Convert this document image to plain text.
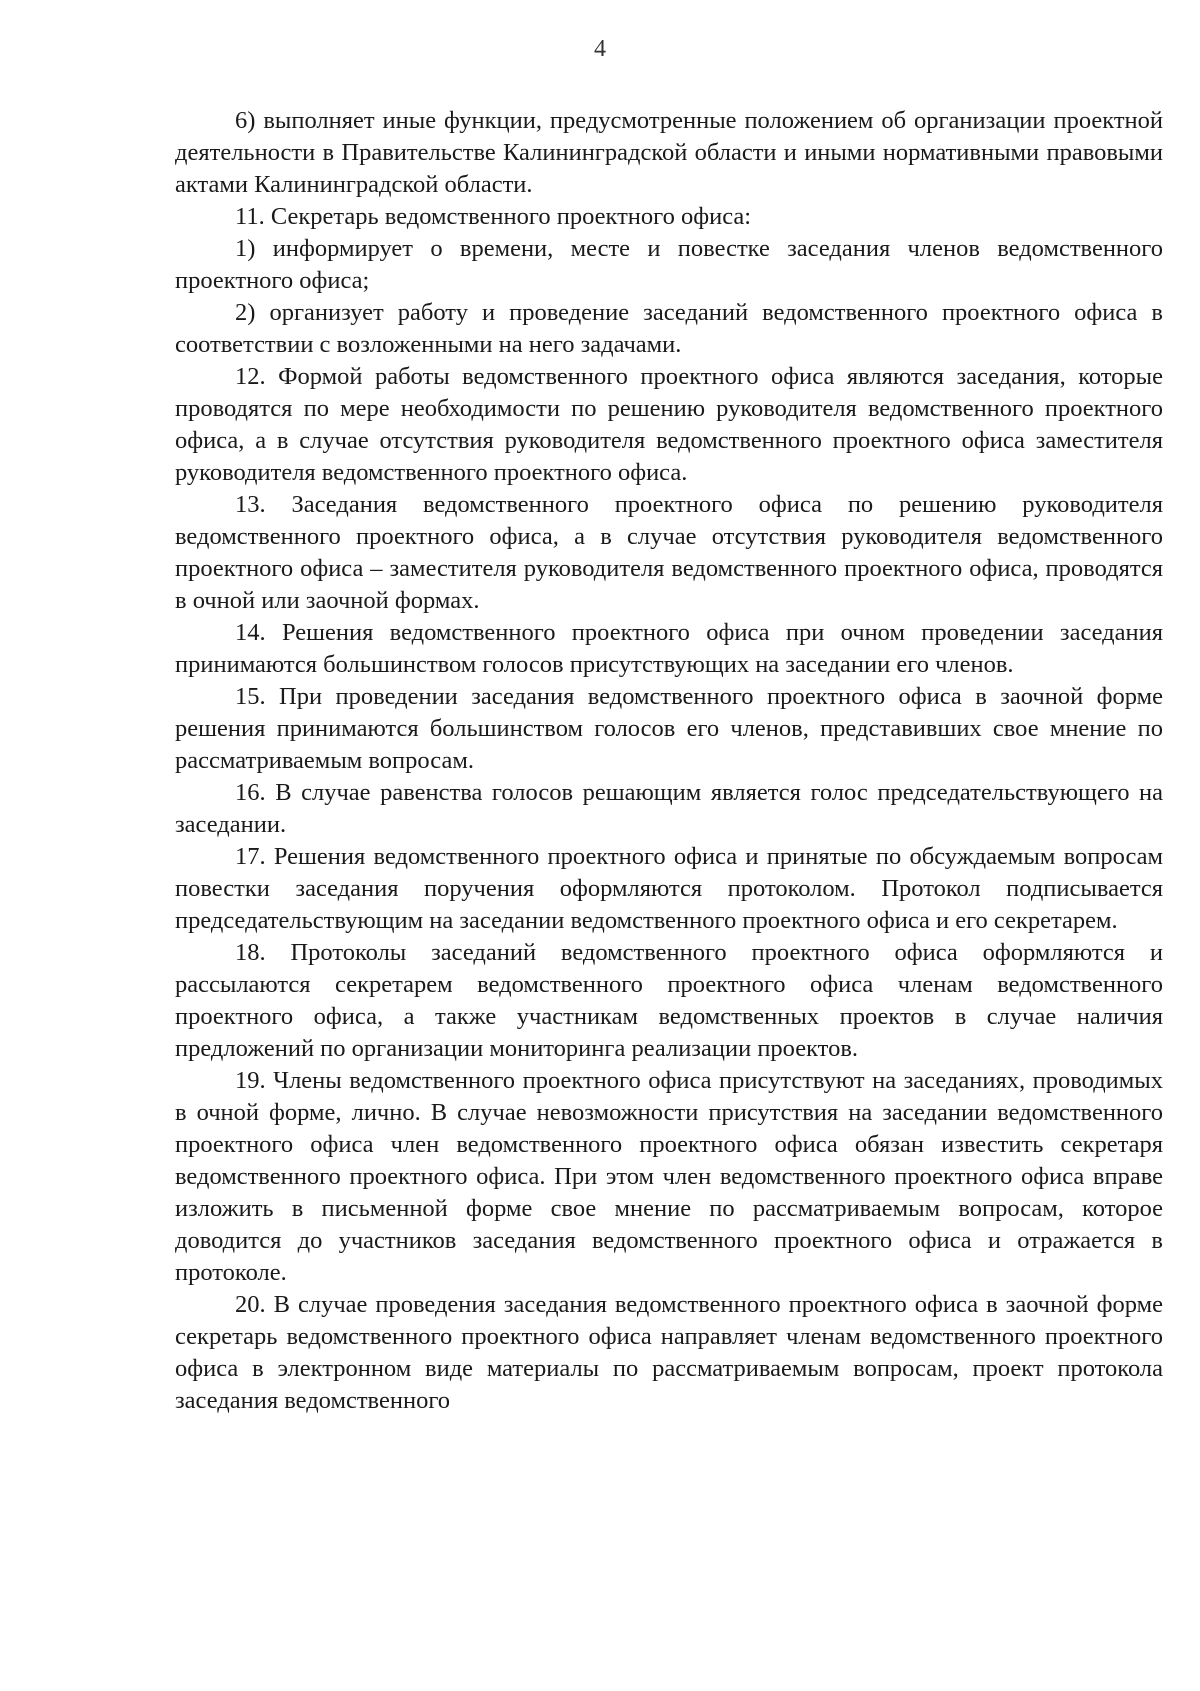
4

6) выполняет иные функции, предусмотренные положением об организации проектной деятельности в Правительстве Калининградской области и иными нормативными правовыми актами Калининградской области.

11. Секретарь ведомственного проектного офиса:

1) информирует о времени, месте и повестке заседания членов ведомственного проектного офиса;

2) организует работу и проведение заседаний ведомственного проектного офиса в соответствии с возложенными на него задачами.

12. Формой работы ведомственного проектного офиса являются заседания, которые проводятся по мере необходимости по решению руководителя ведомственного проектного офиса, а в случае отсутствия руководителя ведомственного проектного офиса заместителя руководителя ведомственного проектного офиса.

13. Заседания ведомственного проектного офиса по решению руководителя ведомственного проектного офиса, а в случае отсутствия руководителя ведомственного проектного офиса – заместителя руководителя ведомственного проектного офиса, проводятся в очной или заочной формах.

14. Решения ведомственного проектного офиса при очном проведении заседания принимаются большинством голосов присутствующих на заседании его членов.

15. При проведении заседания ведомственного проектного офиса в заочной форме решения принимаются большинством голосов его членов, представивших свое мнение по рассматриваемым вопросам.

16. В случае равенства голосов решающим является голос председательствующего на заседании.

17. Решения ведомственного проектного офиса и принятые по обсуждаемым вопросам повестки заседания поручения оформляются протоколом. Протокол подписывается председательствующим на заседании ведомственного проектного офиса и его секретарем.

18. Протоколы заседаний ведомственного проектного офиса оформляются и рассылаются секретарем ведомственного проектного офиса членам ведомственного проектного офиса, а также участникам ведомственных проектов в случае наличия предложений по организации мониторинга реализации проектов.

19. Члены ведомственного проектного офиса присутствуют на заседаниях, проводимых в очной форме, лично. В случае невозможности присутствия на заседании ведомственного проектного офиса член ведомственного проектного офиса обязан известить секретаря ведомственного проектного офиса. При этом член ведомственного проектного офиса вправе изложить в письменной форме свое мнение по рассматриваемым вопросам, которое доводится до участников заседания ведомственного проектного офиса и отражается в протоколе.

20. В случае проведения заседания ведомственного проектного офиса в заочной форме секретарь ведомственного проектного офиса направляет членам ведомственного проектного офиса в электронном виде материалы по рассматриваемым вопросам, проект протокола заседания ведомственного
